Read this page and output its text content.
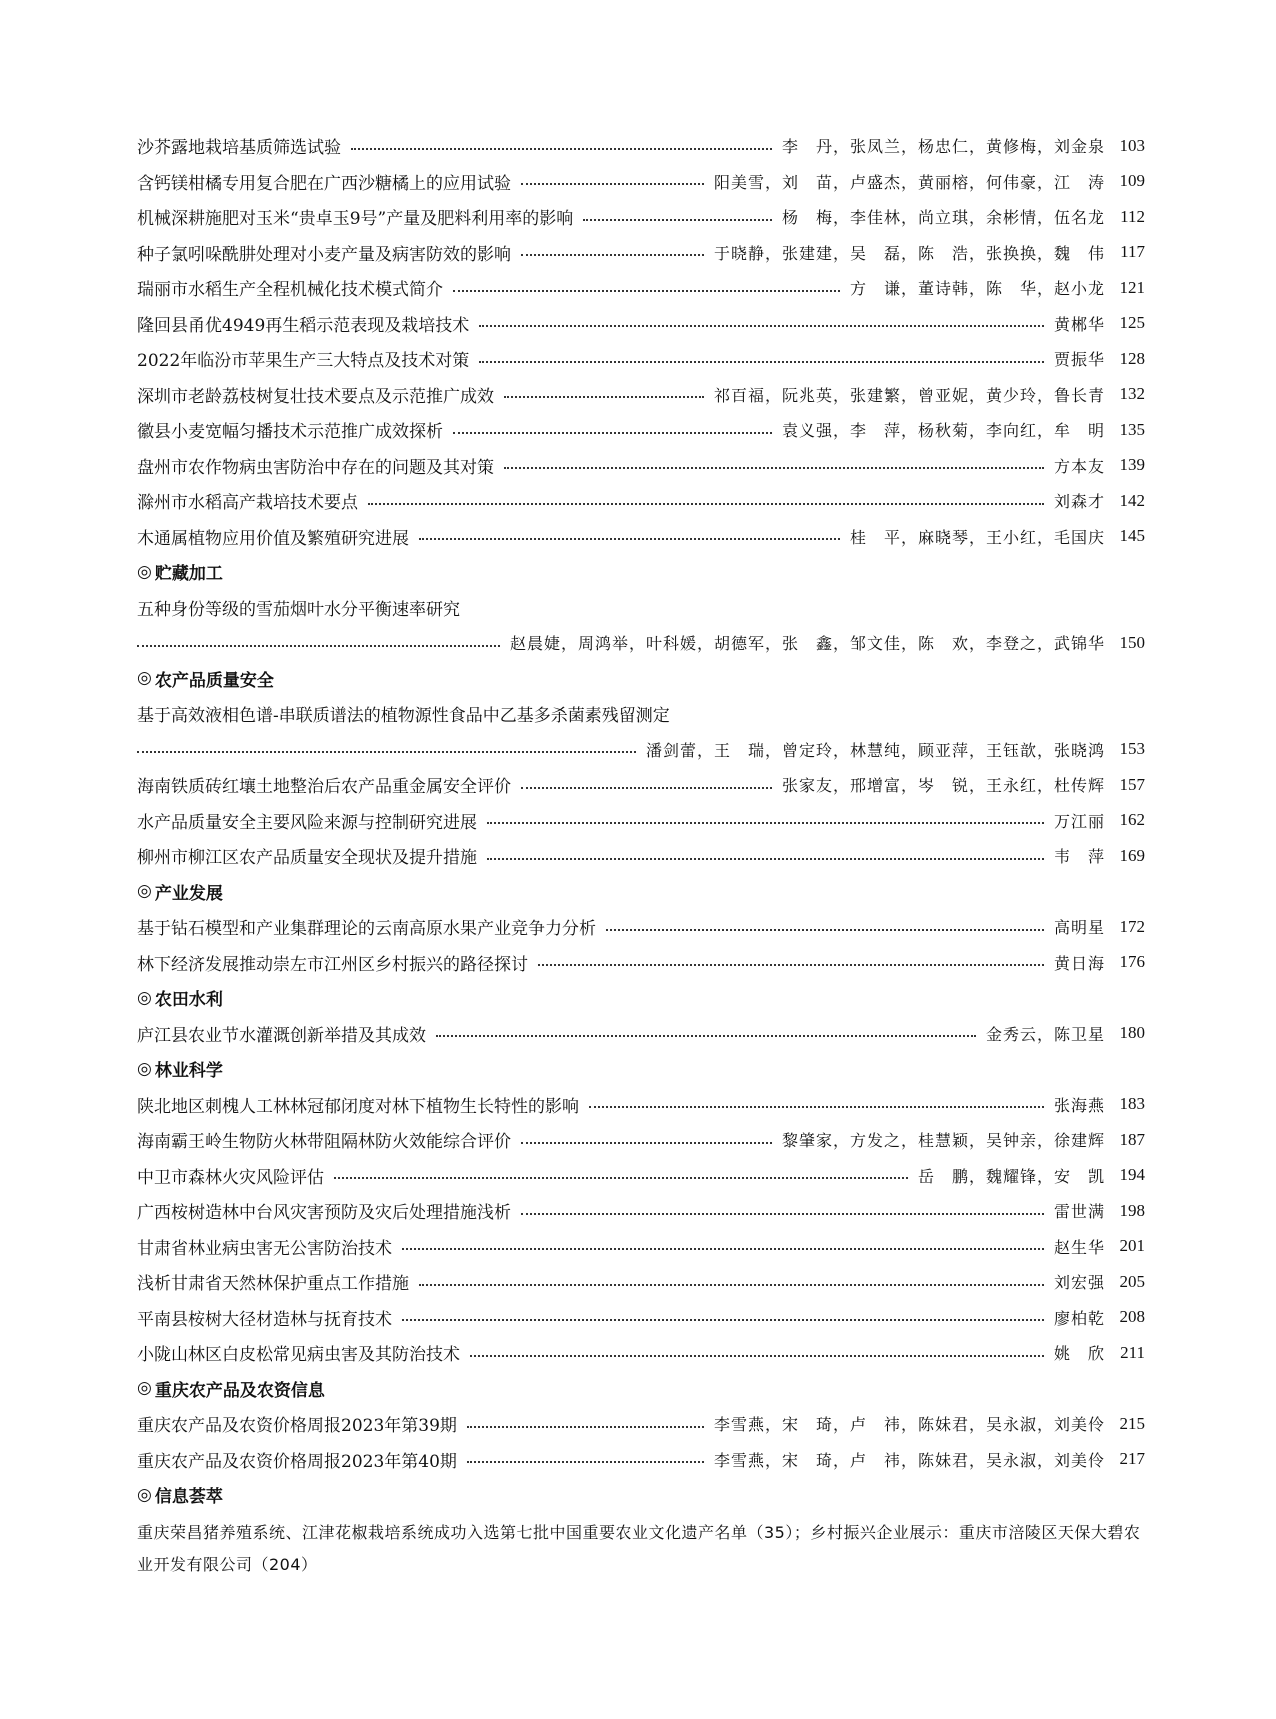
沙芥露地栽培基质筛选试验	李　丹，张凤兰，杨忠仁，黄修梅，刘金泉 103
含钙镁柑橘专用复合肥在广西沙糖橘上的应用试验	阳美雪，刘　苗，卢盛杰，黄丽榕，何伟豪，江　涛 109
机械深耕施肥对玉米“贵卓玉9号”产量及肥料利用率的影响	杨　梅，李佳林，尚立琪，余彬情，伍名龙 112
种子氯吲哚酰肼处理对小麦产量及病害防效的影响	于晓静，张建建，吴　磊，陈　浩，张换换，魏　伟 117
瑞丽市水稻生产全程机械化技术模式简介	方　谦，董诗韩，陈　华，赵小龙 121
隆回县甬优4949再生稻示范表现及栽培技术	黄郴华 125
2022年临汾市苹果生产三大特点及技术对策	贾振华 128
深圳市老龄荔枝树复壮技术要点及示范推广成效	祁百福，阮兆英，张建繁，曾亚妮，黄少玲，鲁长青 132
徽县小麦宽幅匀播技术示范推广成效探析	袁义强，李　萍，杨秋菊，李向红，牟　明 135
盘州市农作物病虫害防治中存在的问题及其对策	方本友 139
滁州市水稻高产栽培技术要点	刘森才 142
木通属植物应用价值及繁殖研究进展	桂　平，麻晓琴，王小红，毛国庆 145
◎ 贮藏加工
五种身份等级的雪茄烟叶水分平衡速率研究
赵晨婕，周鸿举，叶科媛，胡德军，张　鑫，邹文佳，陈　欢，李登之，武锦华 150
◎ 农产品质量安全
基于高效液相色谱-串联质谱法的植物源性食品中乙基多杀菌素残留测定
潘剑蕾，王　瑞，曾定玲，林慧纯，顾亚萍，王钰歆，张晓鸿 153
海南铁质砖红壤土地整治后农产品重金属安全评价	张家友，邢增富，岑　锐，王永红，杜传辉 157
水产品质量安全主要风险来源与控制研究进展	万江丽 162
柳州市柳江区农产品质量安全现状及提升措施	韦　萍 169
◎ 产业发展
基于钻石模型和产业集群理论的云南高原水果产业竞争力分析	高明星 172
林下经济发展推动崇左市江州区乡村振兴的路径探讨	黄日海 176
◎ 农田水利
庐江县农业节水灌溉创新举措及其成效	金秀云，陈卫星 180
◎ 林业科学
陕北地区刺槐人工林林冠郁闭度对林下植物生长特性的影响	张海燕 183
海南霸王岭生物防火林带阻隔林防火效能综合评价	黎肇家，方发之，桂慧颖，吴钟亲，徐建辉 187
中卫市森林火灾风险评估	岳　鹏，魏耀锋，安　凯 194
广西桉树造林中台风灾害预防及灾后处理措施浅析	雷世满 198
甘肃省林业病虫害无公害防治技术	赵生华 201
浅析甘肃省天然林保护重点工作措施	刘宏强 205
平南县桉树大径材造林与抚育技术	廖柏乾 208
小陇山林区白皮松常见病虫害及其防治技术	姚　欣 211
◎ 重庆农产品及农资信息
重庆农产品及农资价格周报2023年第39期	李雪燕，宋　琦，卢　祎，陈妹君，吴永淑，刘美伶 215
重庆农产品及农资价格周报2023年第40期	李雪燕，宋　琦，卢　祎，陈妹君，吴永淑，刘美伶 217
◎ 信息荟萃
重庆荣昌猪养殖系统、江津花椒栽培系统成功入选第七批中国重要农业文化遗产名单（35）；乡村振兴企业展示：重庆市涪陵区天保大碧农业开发有限公司（204）
